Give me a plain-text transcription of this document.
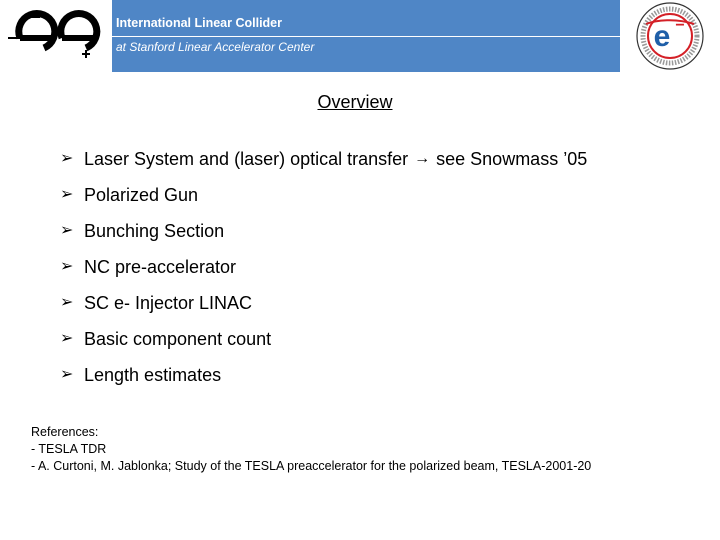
International Linear Collider
at Stanford Linear Accelerator Center	e −
Overview
➢ Laser System and (laser) optical transfer → see Snowmass ’05
➢ Polarized Gun
➢ Bunching Section
➢ NC pre-accelerator
➢ SC e- Injector LINAC
➢ Basic component count
➢ Length estimates
References:
- TESLA TDR
- A. Curtoni, M. Jablonka; Study of the TESLA preaccelerator for the polarized beam, TESLA-2001-20
